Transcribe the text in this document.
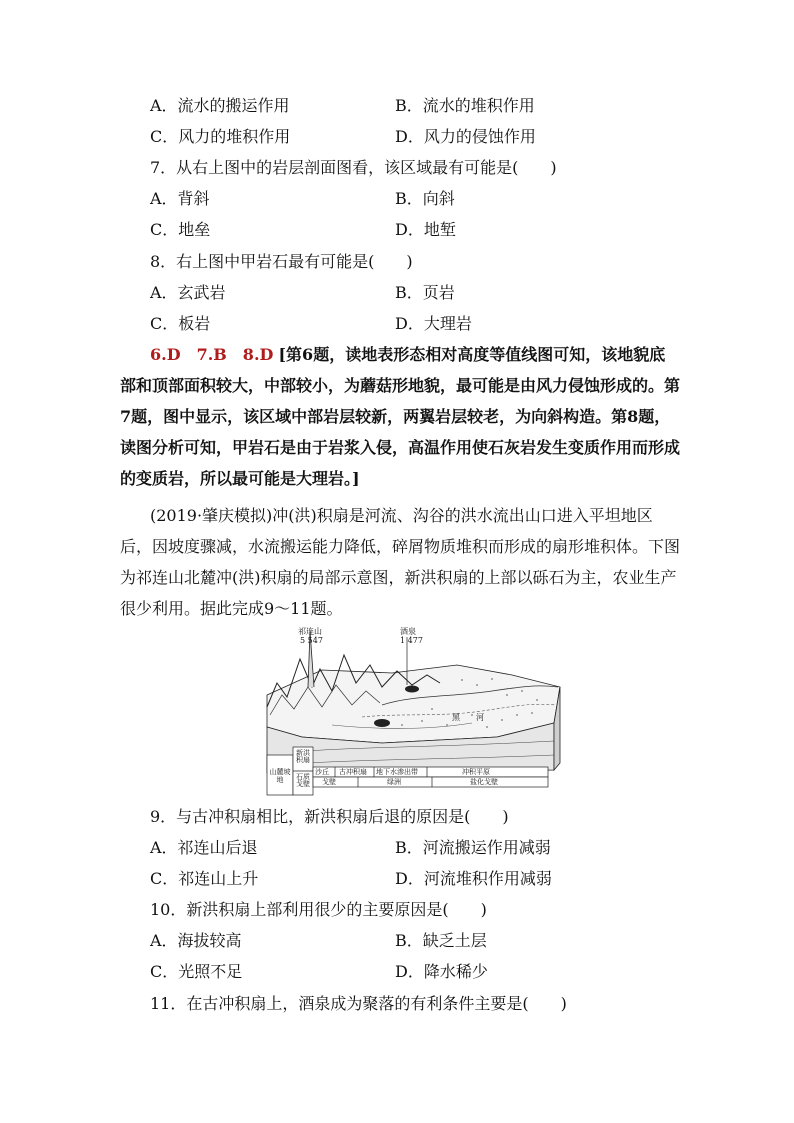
A．流水的搬运作用	B．流水的堆积作用
C．风力的堆积作用	D．风力的侵蚀作用
7．从右上图中的岩层剖面图看，该区域最有可能是(　　)
A．背斜	B．向斜
C．地垒	D．地堑
8．右上图中甲岩石最有可能是(　　)
A．玄武岩	B．页岩
C．板岩	D．大理岩
6.D　7.B　8.D [第6题，读地表形态相对高度等值线图可知，该地貌底部和顶部面积较大，中部较小，为蘑菇形地貌，最可能是由风力侵蚀形成的。第7题，图中显示，该区域中部岩层较新，两翼岩层较老，为向斜构造。第8题，读图分析可知，甲岩石是由于岩浆入侵，高温作用使石灰岩发生变质作用而形成的变质岩，所以最可能是大理岩。]
(2019·肇庆模拟)冲(洪)积扇是河流、沟谷的洪水流出山口进入平坦地区后，因坡度骤减，水流搬运能力降低，碎屑物质堆积而形成的扇形堆积体。下图为祁连山北麓冲(洪)积扇的局部示意图，新洪积扇的上部以砾石为主，农业生产很少利用。据此完成9～11题。
祁连山
5 547
酒泉
1 477
黑　　河
山麓坡地
新洪积扇
石质戈壁
沙丘 古冲积扇 地下水渗出带	冲积平原
戈壁	绿洲	盐化戈壁
9．与古冲积扇相比，新洪积扇后退的原因是(　　)
A．祁连山后退	B．河流搬运作用减弱
C．祁连山上升	D．河流堆积作用减弱
10．新洪积扇上部利用很少的主要原因是(　　)
A．海拔较高	B．缺乏土层
C．光照不足	D．降水稀少
11．在古冲积扇上，酒泉成为聚落的有利条件主要是(　　)
